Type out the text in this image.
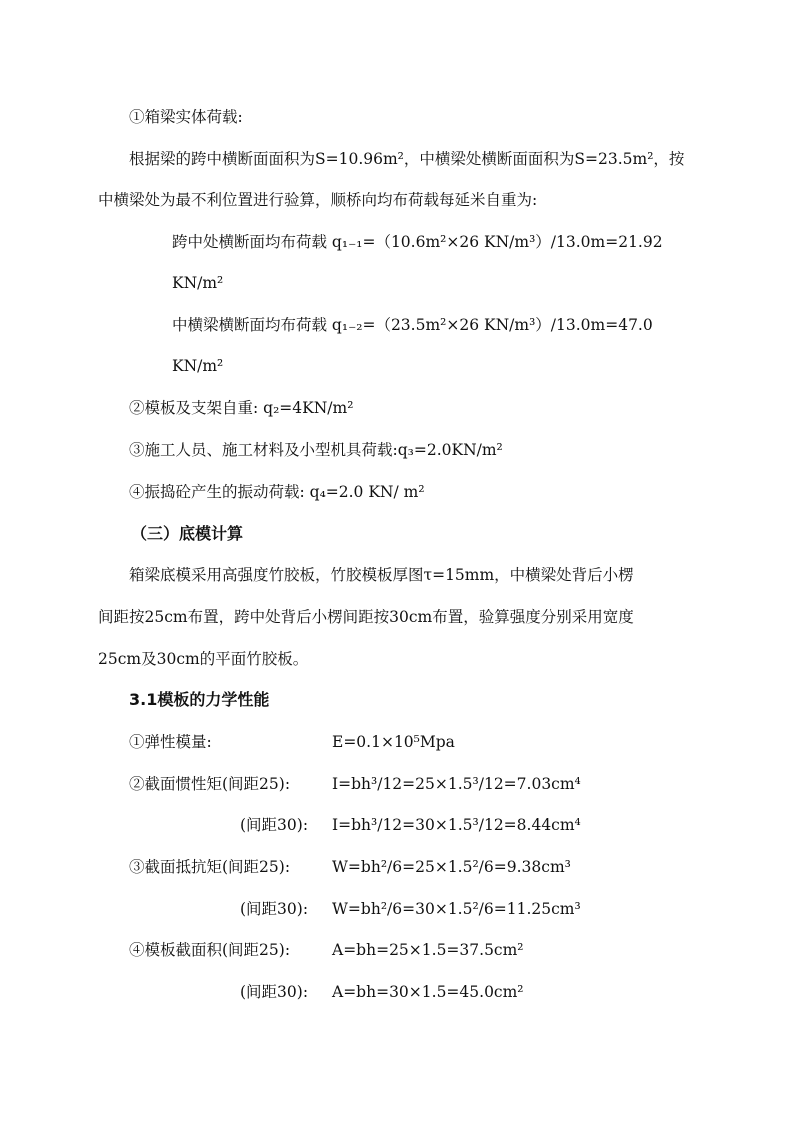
①箱梁实体荷载:

根据梁的跨中横断面面积为S=10.96m²，中横梁处横断面面积为S=23.5m²，按

中横梁处为最不利位置进行验算，顺桥向均布荷载每延米自重为:

跨中处横断面均布荷载 q₁₋₁=（10.6m²×26 KN/m³）/13.0m=21.92

KN/m²

中横梁横断面均布荷载 q₁₋₂=（23.5m²×26 KN/m³）/13.0m=47.0

KN/m²

②模板及支架自重: q₂=4KN/m²

③施工人员、施工材料及小型机具荷载:q₃=2.0KN/m²

④振捣砼产生的振动荷载: q₄=2.0 KN/ m²

（三）底模计算

箱梁底模采用高强度竹胶板，竹胶模板厚图τ=15mm，中横梁处背后小楞

间距按25cm布置，跨中处背后小楞间距按30cm布置，验算强度分别采用宽度

25cm及30cm的平面竹胶板。

3.1模板的力学性能

①弹性模量:	E=0.1×10⁵Mpa

②截面惯性矩(间距25):	I=bh³/12=25×1.5³/12=7.03cm⁴

(间距30): I=bh³/12=30×1.5³/12=8.44cm⁴

③截面抵抗矩(间距25):	W=bh²/6=25×1.5²/6=9.38cm³

(间距30): W=bh²/6=30×1.5²/6=11.25cm³

④模板截面积(间距25):	A=bh=25×1.5=37.5cm²

(间距30): A=bh=30×1.5=45.0cm²
